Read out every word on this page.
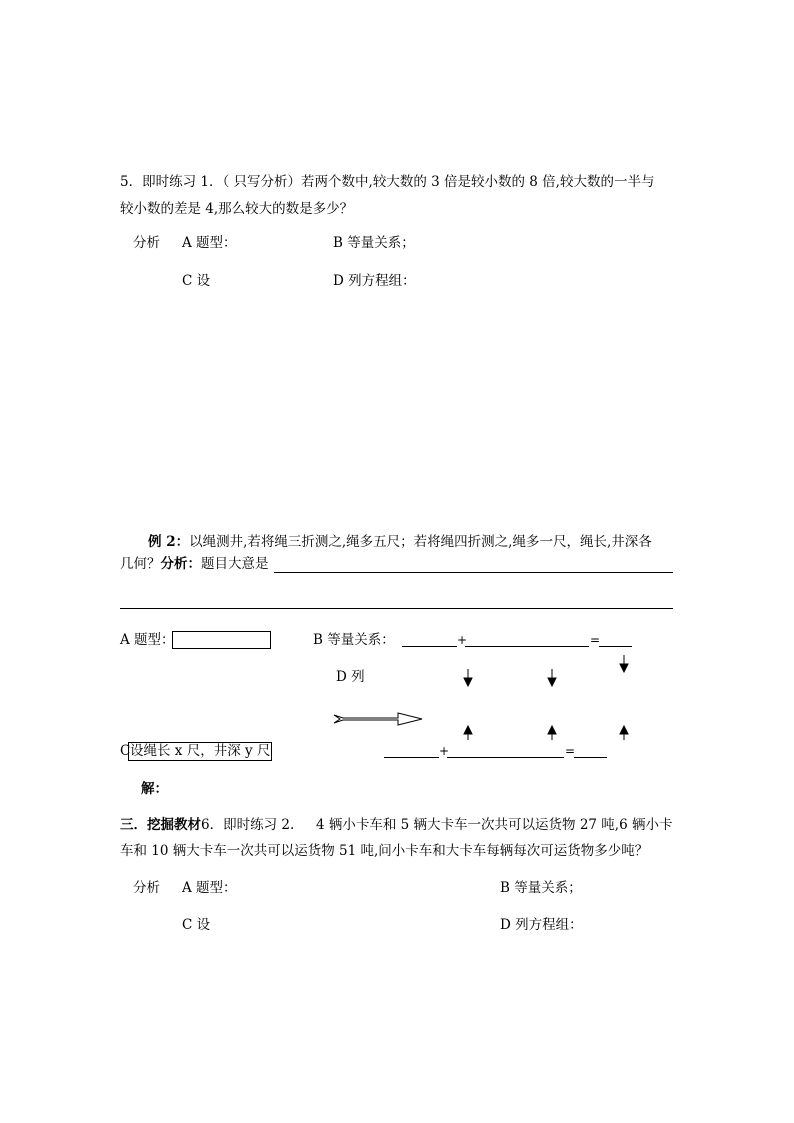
5．即时练习 1．（ 只写分析）若两个数中,较大数的 3 倍是较小数的 8 倍,较大数的一半与
较小数的差是 4,那么较大的数是多少？
分析 A 题型：	B 等量关系；
C 设	D 列方程组：
例 2：以绳测井,若将绳三折测之,绳多五尺；若将绳四折测之,绳多一尺，绳长,井深各
几何？分析：题目大意是
A 题型：	B 等量关系：	+	=
D 列
C 设绳长 x 尺，井深 y 尺	+	=
解：
三．挖掘教材6．即时练习 2. 4 辆小卡车和 5 辆大卡车一次共可以运货物 27 吨,6 辆小卡
车和 10 辆大卡车一次共可以运货物 51 吨,问小卡车和大卡车每辆每次可运货物多少吨？
分析 A 题型：	B 等量关系；
C 设	D 列方程组：
